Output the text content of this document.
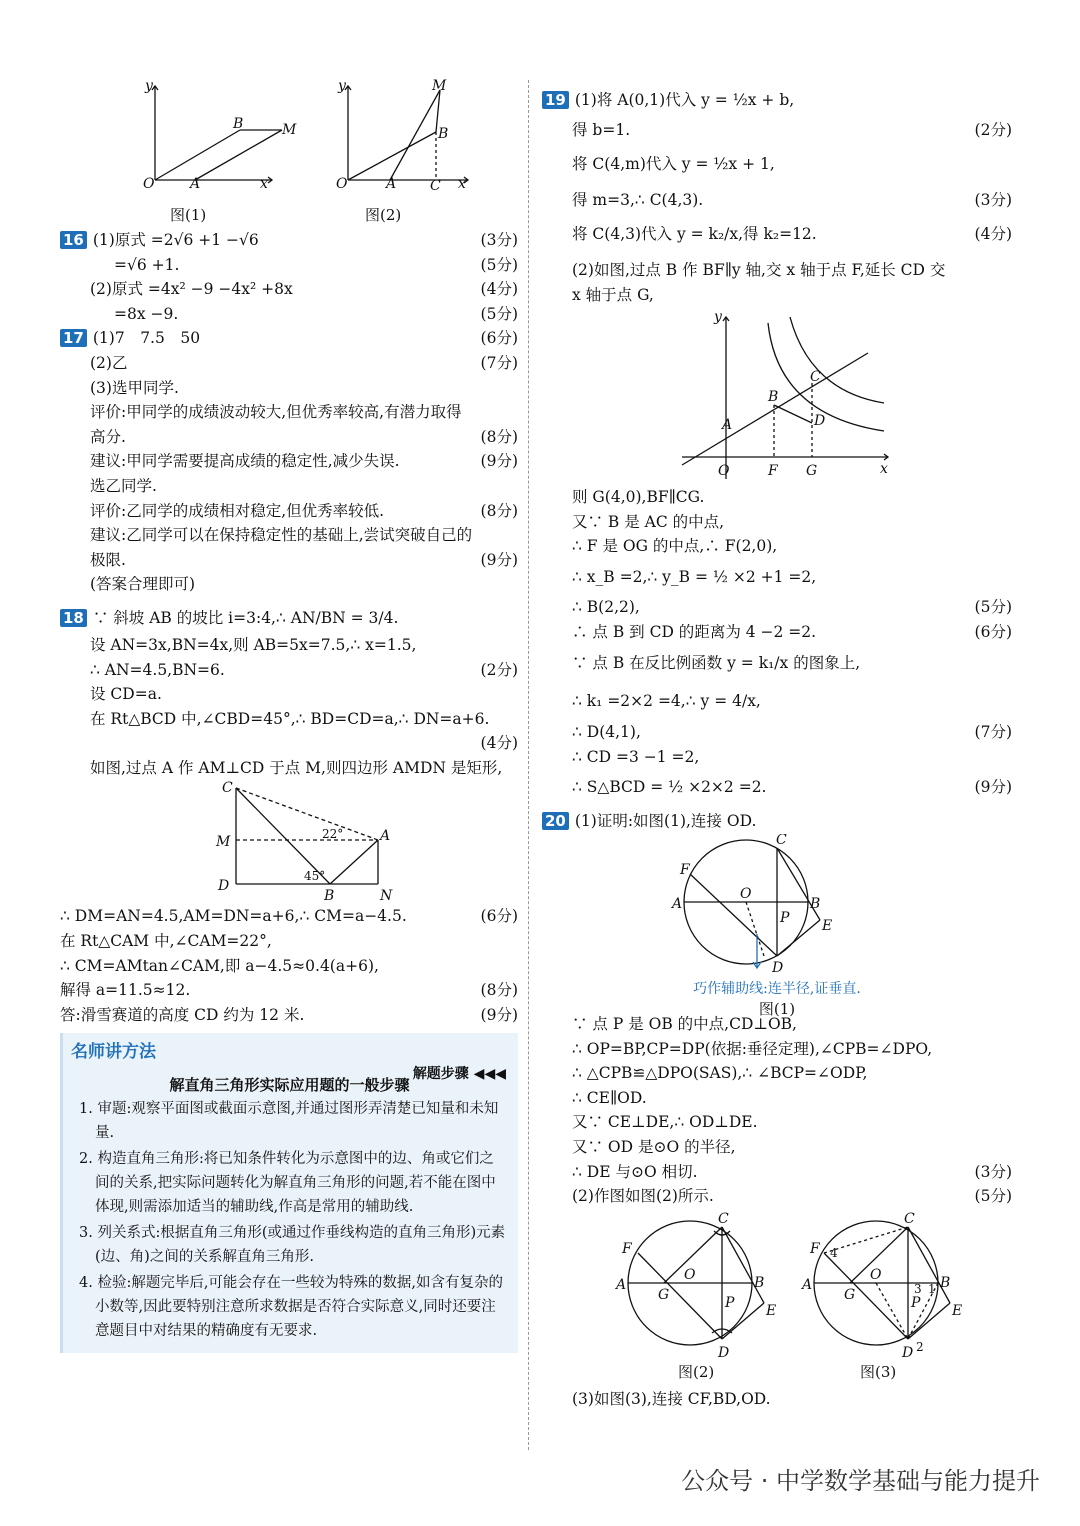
y
O	A
B	M
x
y
O	A
B
M
C x
图(1)	图(2)
16 (1)原式 =2√6 +1 −√6	(3分)
=√6 +1.	(5分)
(2)原式 =4x² −9 −4x² +8x	(4分)
=8x −9.	(5分)
17 (1)7　7.5　50	(6分)
(2)乙	(7分)
(3)选甲同学.
评价:甲同学的成绩波动较大,但优秀率较高,有潜力取得
高分.	(8分)
建议:甲同学需要提高成绩的稳定性,减少失误.	(9分)
选乙同学.
评价:乙同学的成绩相对稳定,但优秀率较低.	(8分)
建议:乙同学可以在保持稳定性的基础上,尝试突破自己的
极限.	(9分)
(答案合理即可)
18 ∵ 斜坡 AB 的坡比 i=3:4,∴ AN/BN = 3/4.
设 AN=3x,BN=4x,则 AB=5x=7.5,∴ x=1.5,
∴ AN=4.5,BN=6.	(2分)
设 CD=a.
在 Rt△BCD 中,∠CBD=45°,∴ BD=CD=a,∴ DN=a+6.
(4分)
如图,过点 A 作 AM⊥CD 于点 M,则四边形 AMDN 是矩形,
C
M
D
A
B	N
22°
45°
∴ DM=AN=4.5,AM=DN=a+6,∴ CM=a−4.5.	(6分)
在 Rt△CAM 中,∠CAM=22°,
∴ CM=AMtan∠CAM,即 a−4.5≈0.4(a+6),
解得 a=11.5≈12.	(8分)
答:滑雪赛道的高度 CD 约为 12 米.	(9分)
名师讲方法
解题步骤 ◀◀◀
解直角三角形实际应用题的一般步骤
1. 审题:观察平面图或截面示意图,并通过图形弄清楚已知量和未知量.
2. 构造直角三角形:将已知条件转化为示意图中的边、角或它们之间的关系,把实际问题转化为解直角三角形的问题,若不能在图中体现,则需添加适当的辅助线,作高是常用的辅助线.
3. 列关系式:根据直角三角形(或通过作垂线构造的直角三角形)元素(边、角)之间的关系解直角三角形.
4. 检验:解题完毕后,可能会存在一些较为特殊的数据,如含有复杂的小数等,因此要特别注意所求数据是否符合实际意义,同时还要注意题目中对结果的精确度有无要求.
19 (1)将 A(0,1)代入 y = ½x + b,
得 b=1.	(2分)
将 C(4,m)代入 y = ½x + 1,
得 m=3,∴ C(4,3).	(3分)
将 C(4,3)代入 y = k₂/x,得 k₂=12.	(4分)
(2)如图,过点 B 作 BF∥y 轴,交 x 轴于点 F,延长 CD 交
x 轴于点 G,
y
O
A
B
C
D
F G	x
则 G(4,0),BF∥CG.
又∵ B 是 AC 的中点,
∴ F 是 OG 的中点,∴ F(2,0),
∴ x_B =2,∴ y_B = ½ ×2 +1 =2,
∴ B(2,2),	(5分)
∴ 点 B 到 CD 的距离为 4 −2 =2.	(6分)
∵ 点 B 在反比例函数 y = k₁/x 的图象上,
∴ k₁ =2×2 =4,∴ y = 4/x,
∴ D(4,1),	(7分)
∴ CD =3 −1 =2,
∴ S△BCD = ½ ×2×2 =2.	(9分)
20 (1)证明:如图(1),连接 OD.
A
F
O
C
B
P E
D
巧作辅助线:连半径,证垂直.
图(1)
∵ 点 P 是 OB 的中点,CD⊥OB,
∴ OP=BP,CP=DP(依据:垂径定理),∠CPB=∠DPO,
∴ △CPB≌△DPO(SAS),∴ ∠BCP=∠ODP,
∴ CE∥OD.
又∵ CE⊥DE,∴ OD⊥DE.
又∵ OD 是⊙O 的半径,
∴ DE 与⊙O 相切.	(3分)
(2)作图如图(2)所示.	(5分)
A
F
O
G
C
B
P E
D
A
F
O
G
C
B
P E
D
4
3 1
2
图(2)	图(3)
(3)如图(3),连接 CF,BD,OD.
公众号 · 中学数学基础与能力提升
